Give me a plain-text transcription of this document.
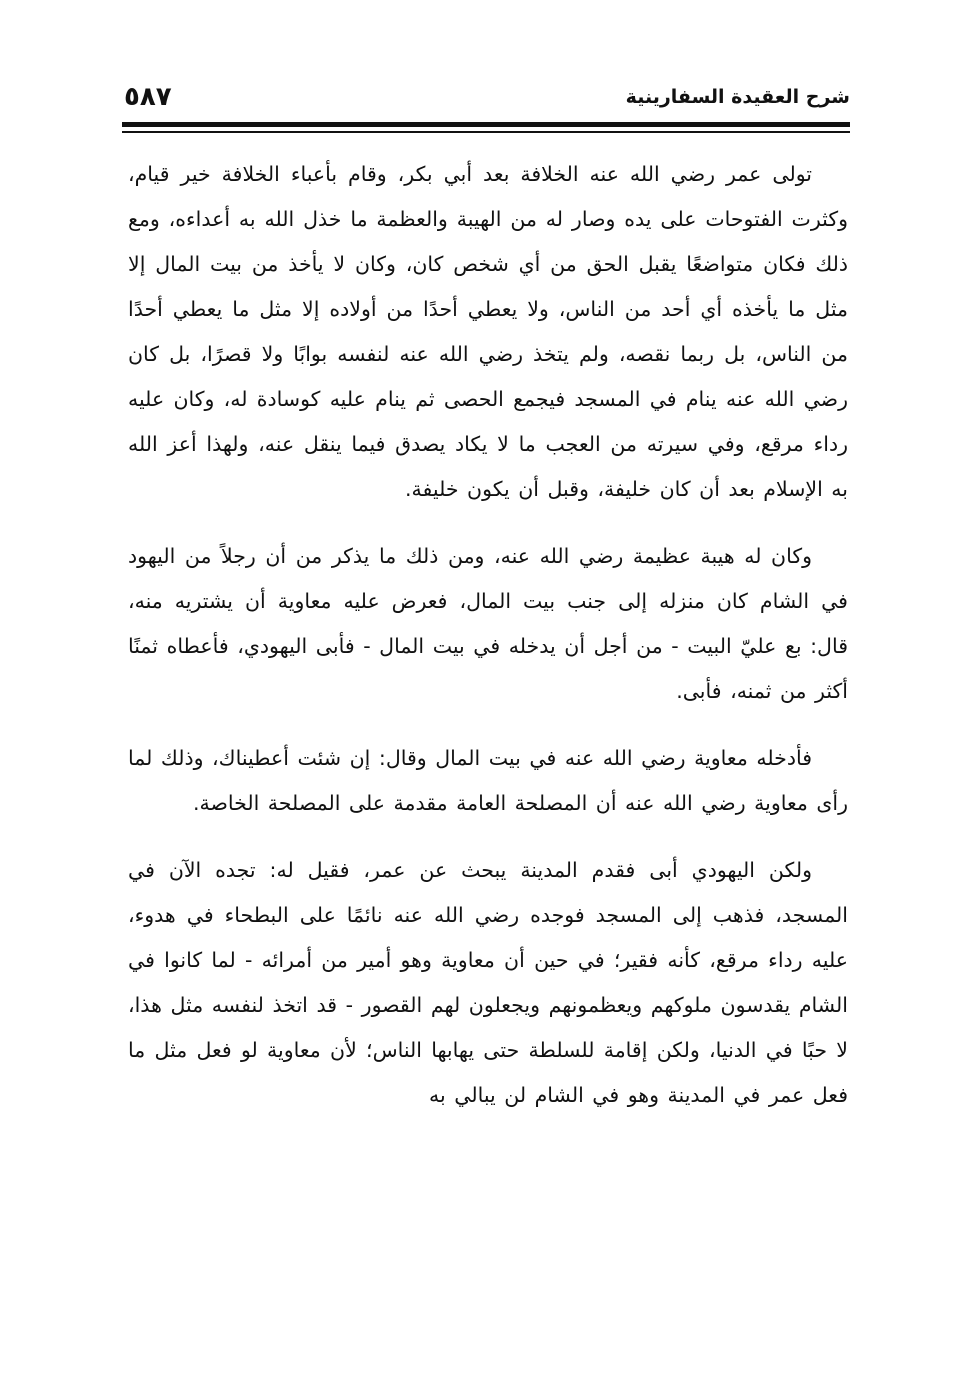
شرح العقيدة السفارينية
٥٨٧

تولى عمر رضي الله عنه الخلافة بعد أبي بكر، وقام بأعباء الخلافة خير قيام، وكثرت الفتوحات على يده وصار له من الهيبة والعظمة ما خذل الله به أعداءه، ومع ذلك فكان متواضعًا يقبل الحق من أي شخص كان، وكان لا يأخذ من بيت المال إلا مثل ما يأخذه أي أحد من الناس، ولا يعطي أحدًا من أولاده إلا مثل ما يعطي أحدًا من الناس، بل ربما نقصه، ولم يتخذ رضي الله عنه لنفسه بوابًا ولا قصرًا، بل كان رضي الله عنه ينام في المسجد فيجمع الحصى ثم ينام عليه كوسادة له، وكان عليه رداء مرقع، وفي سيرته من العجب ما لا يكاد يصدق فيما ينقل عنه، ولهذا أعز الله به الإسلام بعد أن كان خليفة، وقبل أن يكون خليفة.

وكان له هيبة عظيمة رضي الله عنه، ومن ذلك ما يذكر من أن رجلاً من اليهود في الشام كان منزله إلى جنب بيت المال، فعرض عليه معاوية أن يشتريه منه، قال: بع عليّ البيت - من أجل أن يدخله في بيت المال - فأبى اليهودي، فأعطاه ثمنًا أكثر من ثمنه، فأبى.

فأدخله معاوية رضي الله عنه في بيت المال وقال: إن شئت أعطيناك، وذلك لما رأى معاوية رضي الله عنه أن المصلحة العامة مقدمة على المصلحة الخاصة.

ولكن اليهودي أبى فقدم المدينة يبحث عن عمر، فقيل له: تجده الآن في المسجد، فذهب إلى المسجد فوجده رضي الله عنه نائمًا على البطحاء في هدوء، عليه رداء مرقع، كأنه فقير؛ في حين أن معاوية وهو أمير من أمرائه - لما كانوا في الشام يقدسون ملوكهم ويعظمونهم ويجعلون لهم القصور - قد اتخذ لنفسه مثل هذا، لا حبًا في الدنيا، ولكن إقامة للسلطة حتى يهابها الناس؛ لأن معاوية لو فعل مثل ما فعل عمر في المدينة وهو في الشام لن يبالي به
